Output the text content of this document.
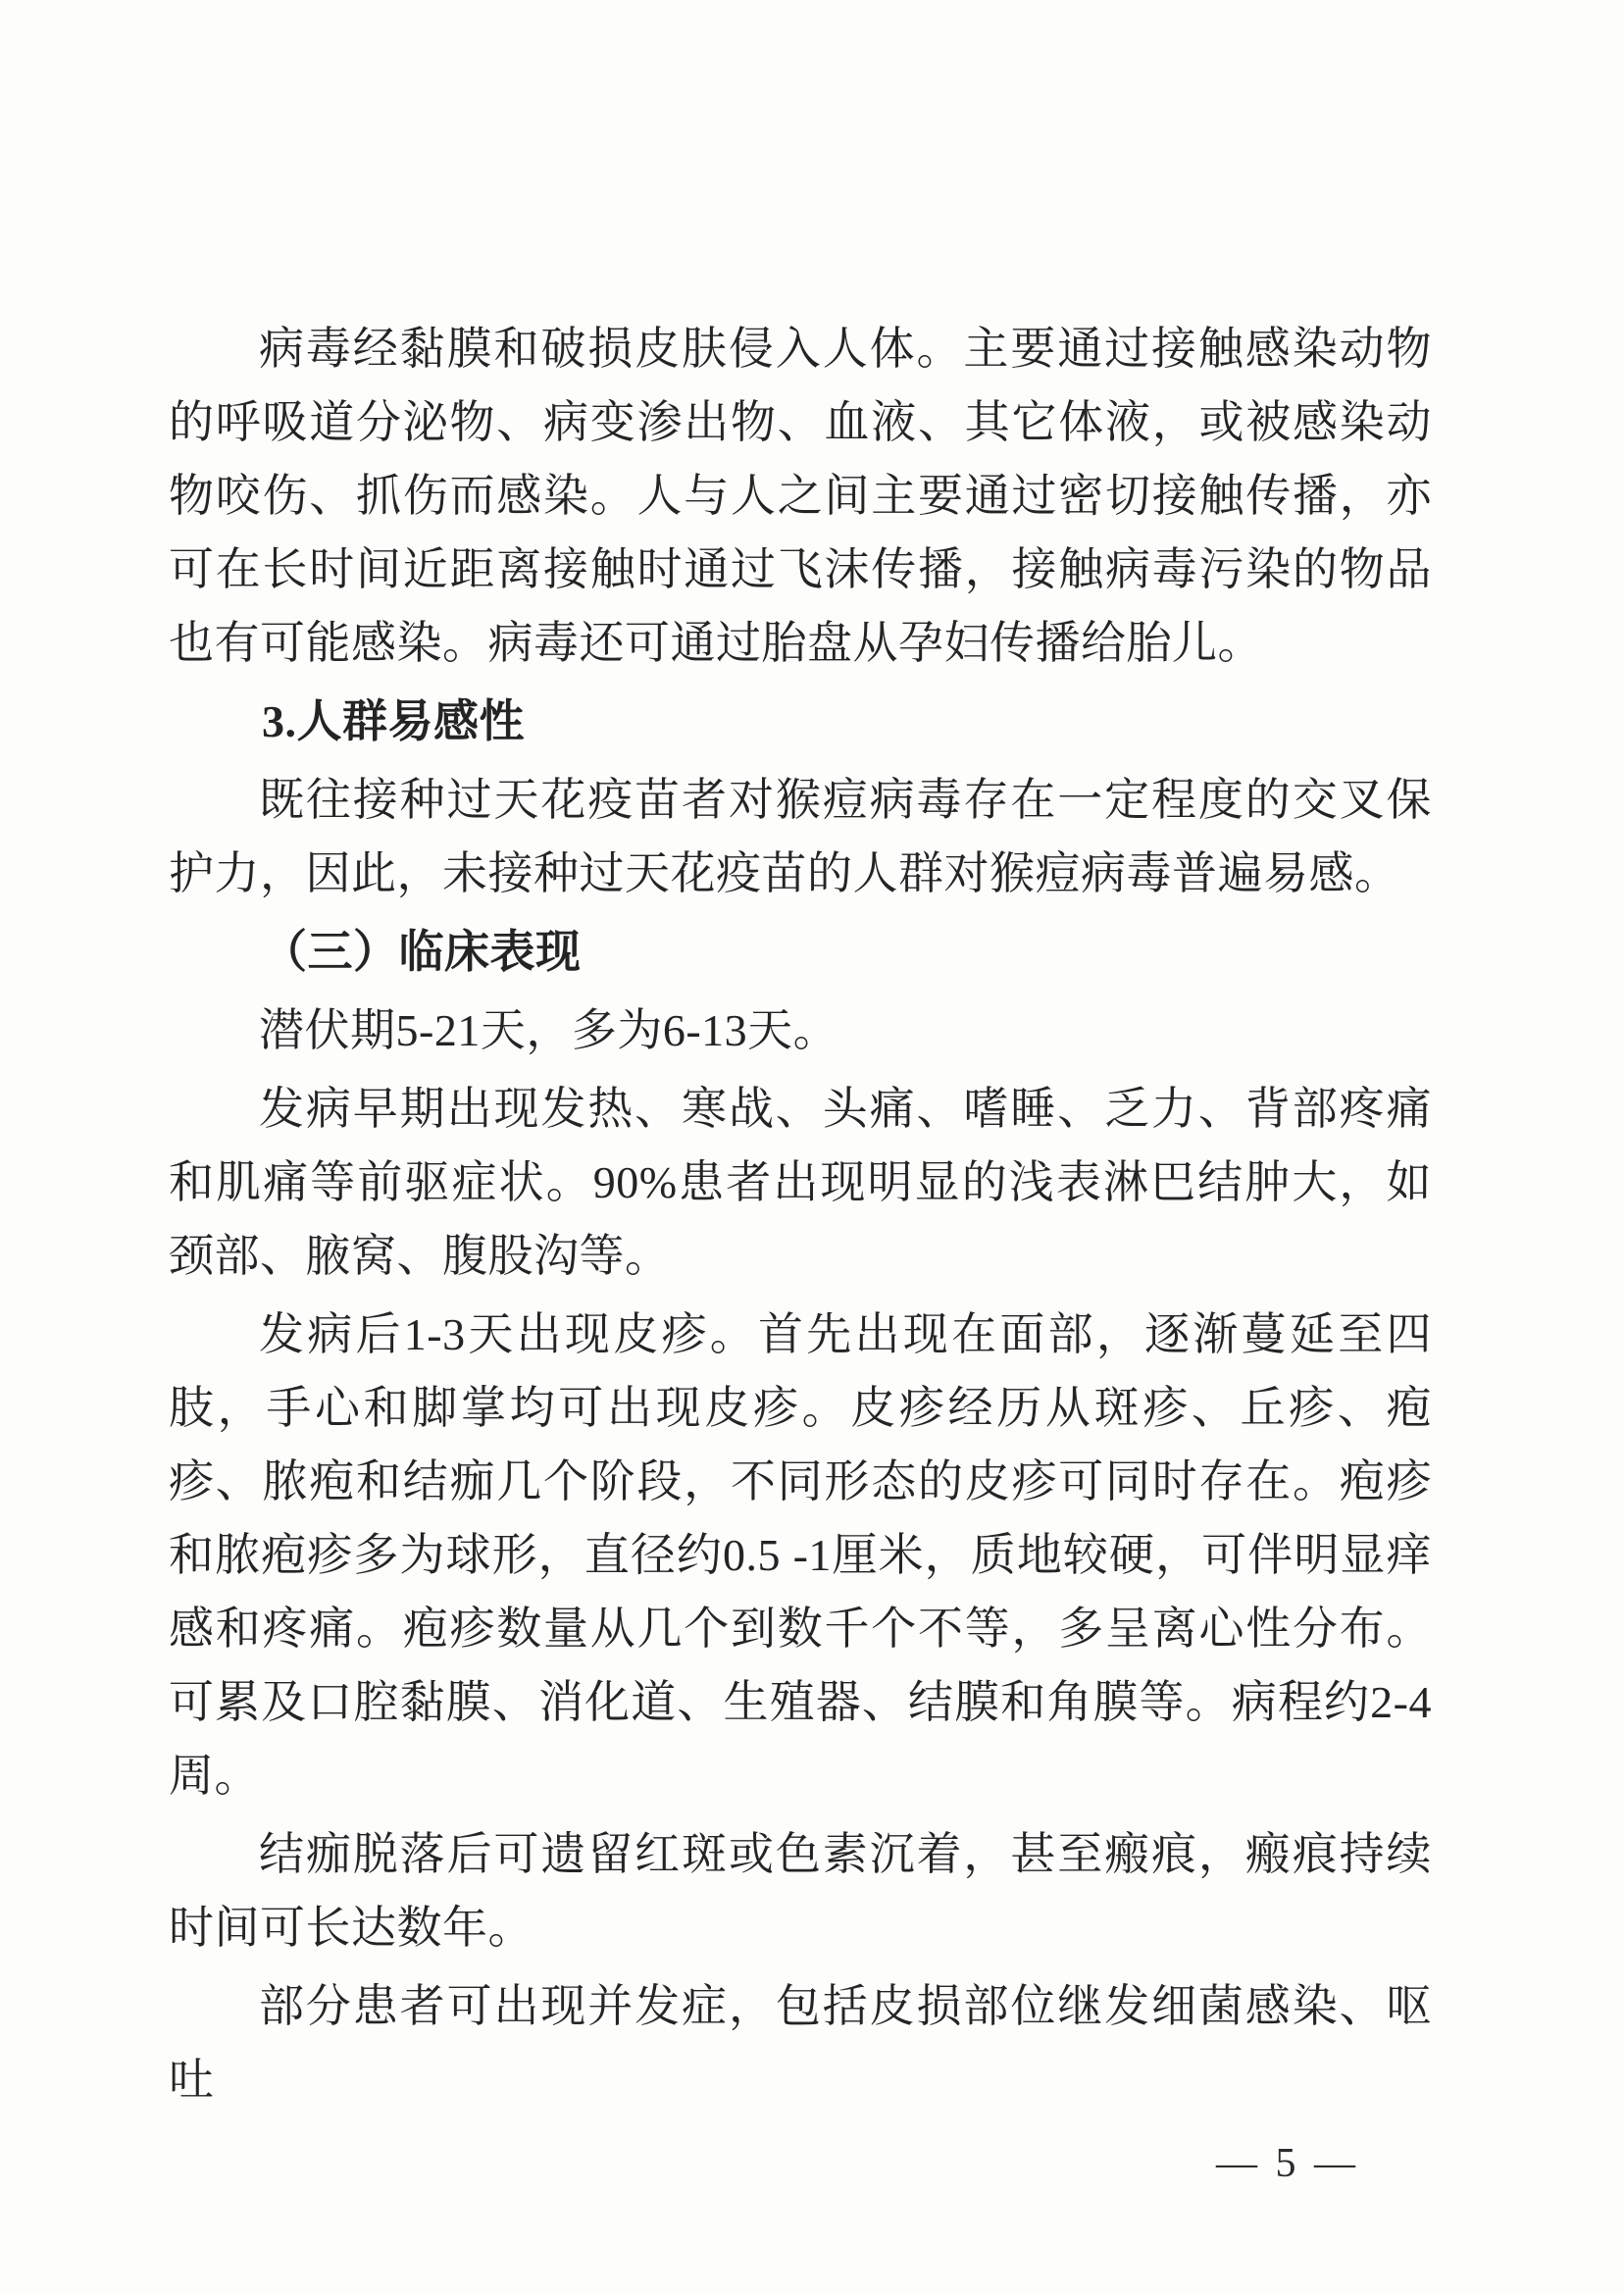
病毒经黏膜和破损皮肤侵入人体。主要通过接触感染动物的呼吸道分泌物、病变渗出物、血液、其它体液，或被感染动物咬伤、抓伤而感染。人与人之间主要通过密切接触传播，亦可在长时间近距离接触时通过飞沫传播，接触病毒污染的物品也有可能感染。病毒还可通过胎盘从孕妇传播给胎儿。

3.人群易感性

既往接种过天花疫苗者对猴痘病毒存在一定程度的交叉保护力，因此，未接种过天花疫苗的人群对猴痘病毒普遍易感。

（三）临床表现

潜伏期5-21天，多为6-13天。

发病早期出现发热、寒战、头痛、嗜睡、乏力、背部疼痛和肌痛等前驱症状。90%患者出现明显的浅表淋巴结肿大，如颈部、腋窝、腹股沟等。

发病后1-3天出现皮疹。首先出现在面部，逐渐蔓延至四肢，手心和脚掌均可出现皮疹。皮疹经历从斑疹、丘疹、疱疹、脓疱和结痂几个阶段，不同形态的皮疹可同时存在。疱疹和脓疱疹多为球形，直径约0.5 -1厘米，质地较硬，可伴明显痒感和疼痛。疱疹数量从几个到数千个不等，多呈离心性分布。可累及口腔黏膜、消化道、生殖器、结膜和角膜等。病程约2-4周。

结痂脱落后可遗留红斑或色素沉着，甚至瘢痕，瘢痕持续时间可长达数年。

部分患者可出现并发症，包括皮损部位继发细菌感染、呕吐

— 5 —
